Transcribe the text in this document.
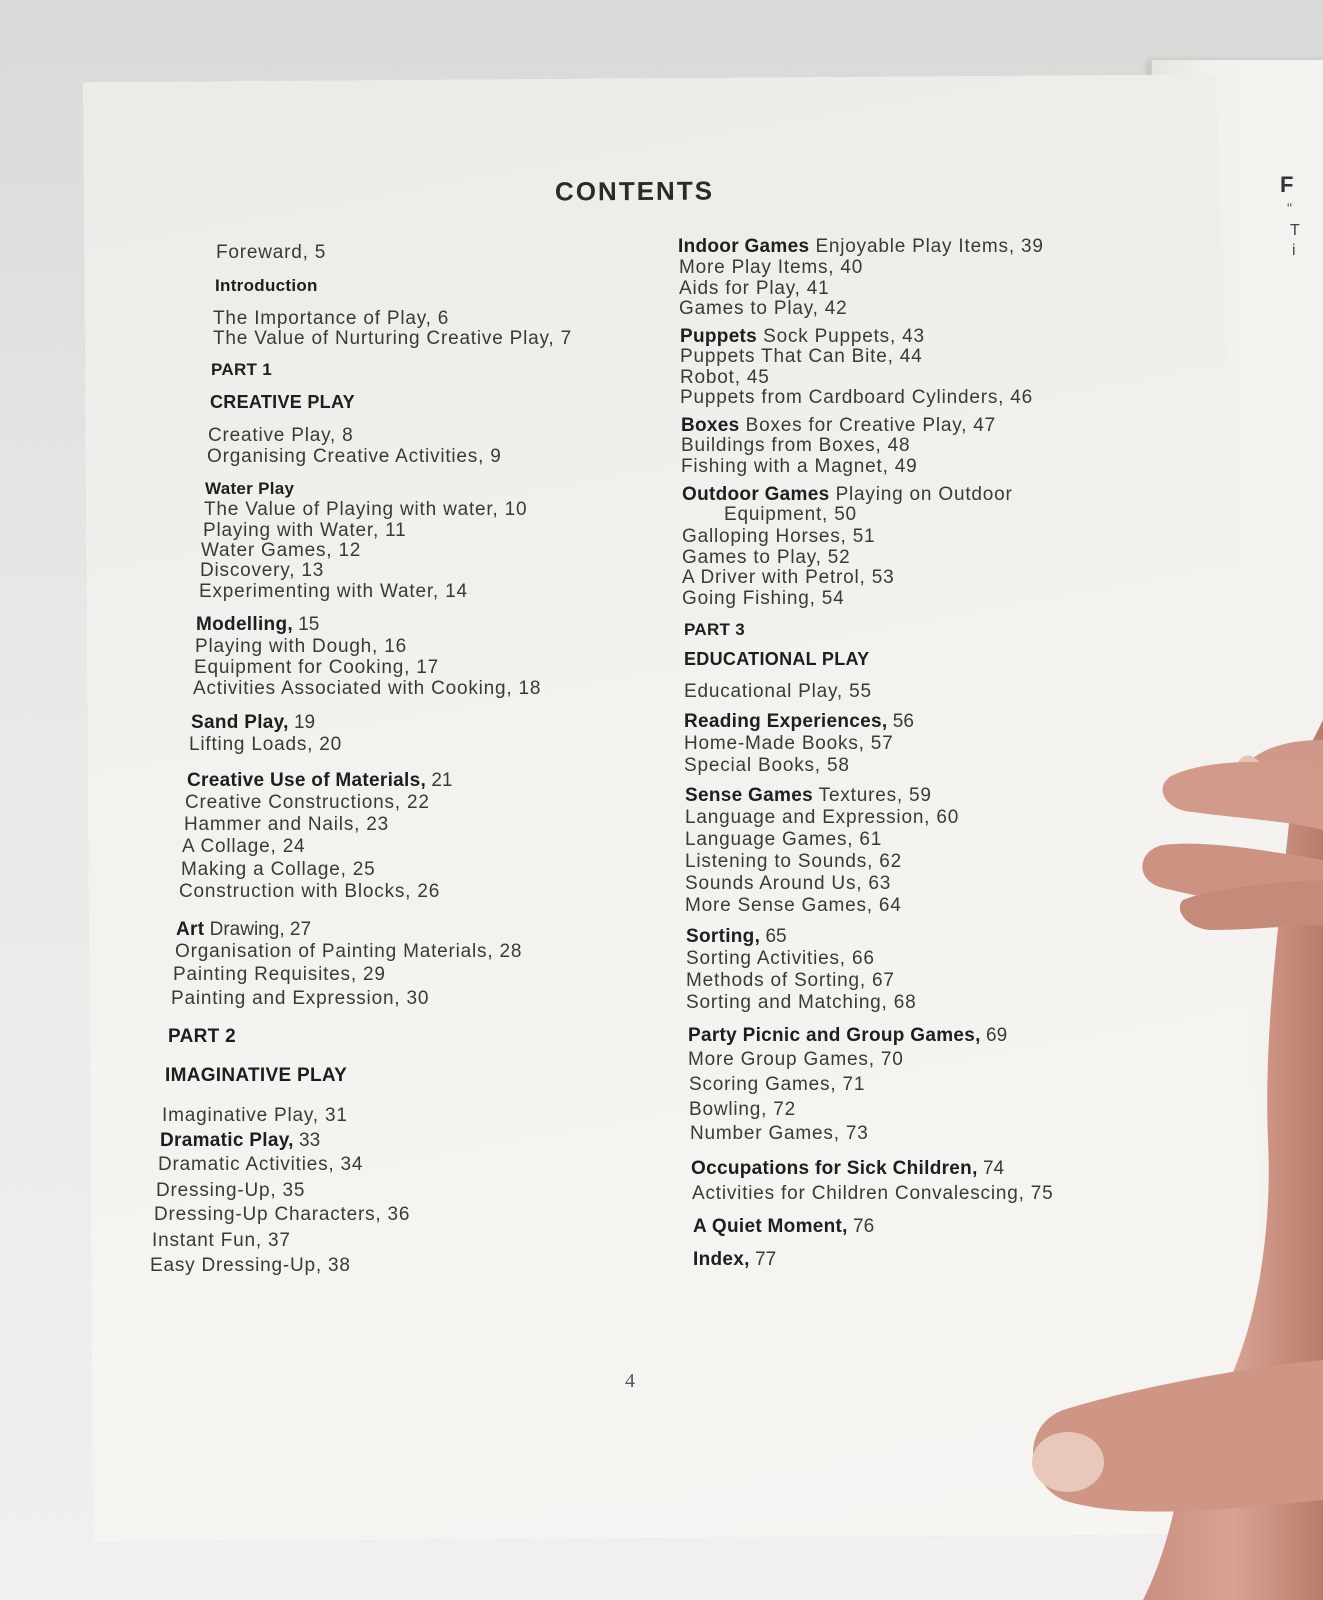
F
"
T
i
CONTENTS
Foreward, 5
Introduction
The Importance of Play, 6
The Value of Nurturing Creative Play, 7
PART 1
CREATIVE PLAY
Creative Play, 8
Organising Creative Activities, 9
Water Play
The Value of Playing with water, 10
Playing with Water, 11
Water Games, 12
Discovery, 13
Experimenting with Water, 14
Modelling, 15
Playing with Dough, 16
Equipment for Cooking, 17
Activities Associated with Cooking, 18
Sand Play, 19
Lifting Loads, 20
Creative Use of Materials, 21
Creative Constructions, 22
Hammer and Nails, 23
A Collage, 24
Making a Collage, 25
Construction with Blocks, 26
Art Drawing, 27
Organisation of Painting Materials, 28
Painting Requisites, 29
Painting and Expression, 30
PART 2
IMAGINATIVE PLAY
Imaginative Play, 31
Dramatic Play, 33
Dramatic Activities, 34
Dressing-Up, 35
Dressing-Up Characters, 36
Instant Fun, 37
Easy Dressing-Up, 38
Indoor Games Enjoyable Play Items, 39
More Play Items, 40
Aids for Play, 41
Games to Play, 42
Puppets Sock Puppets, 43
Puppets That Can Bite, 44
Robot, 45
Puppets from Cardboard Cylinders, 46
Boxes Boxes for Creative Play, 47
Buildings from Boxes, 48
Fishing with a Magnet, 49
Outdoor Games Playing on Outdoor
Equipment, 50
Galloping Horses, 51
Games to Play, 52
A Driver with Petrol, 53
Going Fishing, 54
PART 3
EDUCATIONAL PLAY
Educational Play, 55
Reading Experiences, 56
Home-Made Books, 57
Special Books, 58
Sense Games Textures, 59
Language and Expression, 60
Language Games, 61
Listening to Sounds, 62
Sounds Around Us, 63
More Sense Games, 64
Sorting, 65
Sorting Activities, 66
Methods of Sorting, 67
Sorting and Matching, 68
Party Picnic and Group Games, 69
More Group Games, 70
Scoring Games, 71
Bowling, 72
Number Games, 73
Occupations for Sick Children, 74
Activities for Children Convalescing, 75
A Quiet Moment, 76
Index, 77
4
